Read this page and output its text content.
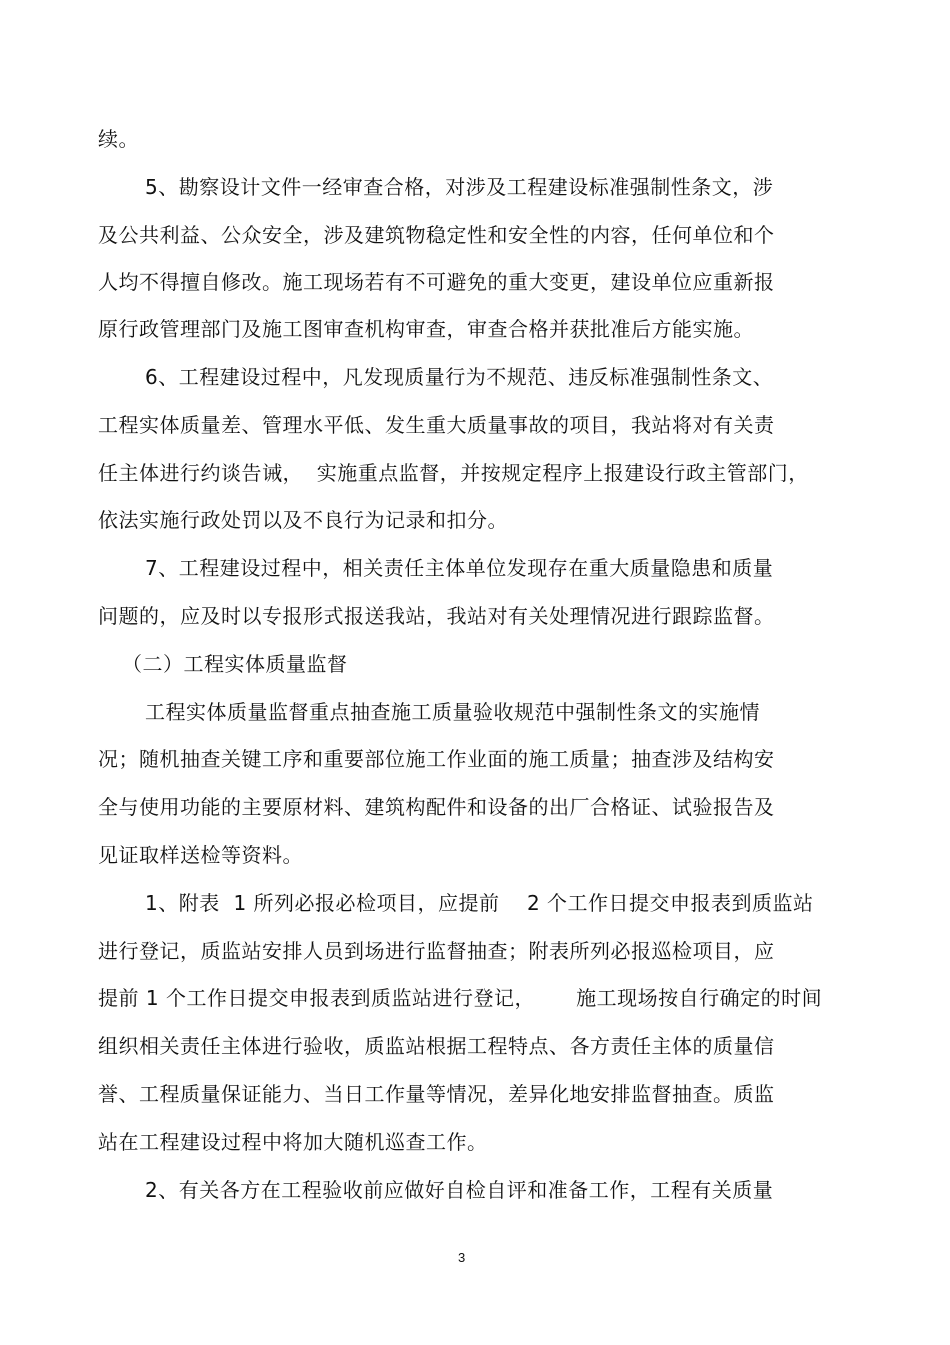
续。
5、勘察设计文件一经审查合格，对涉及工程建设标准强制性条文，涉
及公共利益、公众安全，涉及建筑物稳定性和安全性的内容，任何单位和个
人均不得擅自修改。施工现场若有不可避免的重大变更，建设单位应重新报
原行政管理部门及施工图审查机构审查，审查合格并获批准后方能实施。
6、工程建设过程中，凡发现质量行为不规范、违反标准强制性条文、
工程实体质量差、管理水平低、发生重大质量事故的项目，我站将对有关责
任主体进行约谈告诫，  实施重点监督，并按规定程序上报建设行政主管部门，
依法实施行政处罚以及不良行为记录和扣分。
7、工程建设过程中，相关责任主体单位发现存在重大质量隐患和质量
问题的，应及时以专报形式报送我站，我站对有关处理情况进行跟踪监督。
（二）工程实体质量监督
工程实体质量监督重点抽查施工质量验收规范中强制性条文的实施情
况；随机抽查关键工序和重要部位施工作业面的施工质量；抽查涉及结构安
全与使用功能的主要原材料、建筑构配件和设备的出厂合格证、试验报告及
见证取样送检等资料。
1、附表  1 所列必报必检项目，应提前    2 个工作日提交申报表到质监站
进行登记，质监站安排人员到场进行监督抽查；附表所列必报巡检项目，应
提前 1 个工作日提交申报表到质监站进行登记，      施工现场按自行确定的时间
组织相关责任主体进行验收，质监站根据工程特点、各方责任主体的质量信
誉、工程质量保证能力、当日工作量等情况，差异化地安排监督抽查。质监
站在工程建设过程中将加大随机巡查工作。
2、有关各方在工程验收前应做好自检自评和准备工作，工程有关质量
3
